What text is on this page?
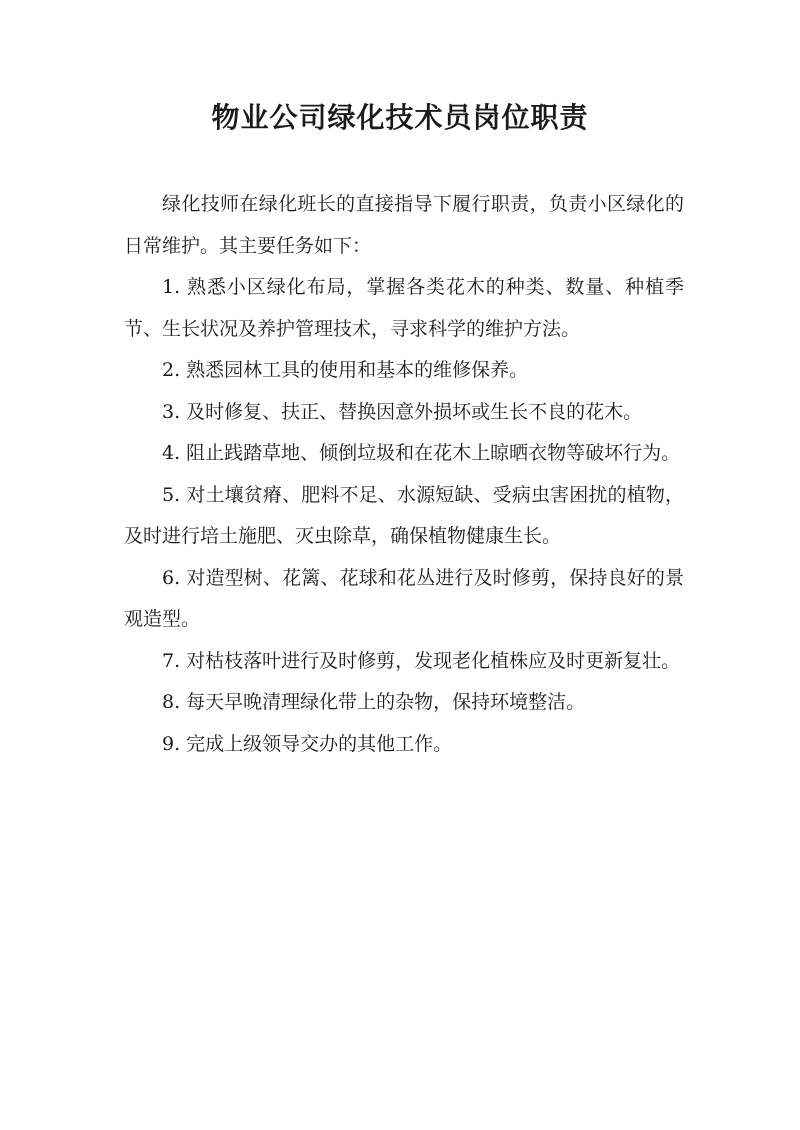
物业公司绿化技术员岗位职责

绿化技师在绿化班长的直接指导下履行职责，负责小区绿化的日常维护。其主要任务如下：

1. 熟悉小区绿化布局，掌握各类花木的种类、数量、种植季节、生长状况及养护管理技术，寻求科学的维护方法。

2. 熟悉园林工具的使用和基本的维修保养。

3. 及时修复、扶正、替换因意外损坏或生长不良的花木。

4. 阻止践踏草地、倾倒垃圾和在花木上晾晒衣物等破坏行为。

5. 对土壤贫瘠、肥料不足、水源短缺、受病虫害困扰的植物，及时进行培土施肥、灭虫除草，确保植物健康生长。

6. 对造型树、花篱、花球和花丛进行及时修剪，保持良好的景观造型。

7. 对枯枝落叶进行及时修剪，发现老化植株应及时更新复壮。

8. 每天早晚清理绿化带上的杂物，保持环境整洁。

9. 完成上级领导交办的其他工作。
